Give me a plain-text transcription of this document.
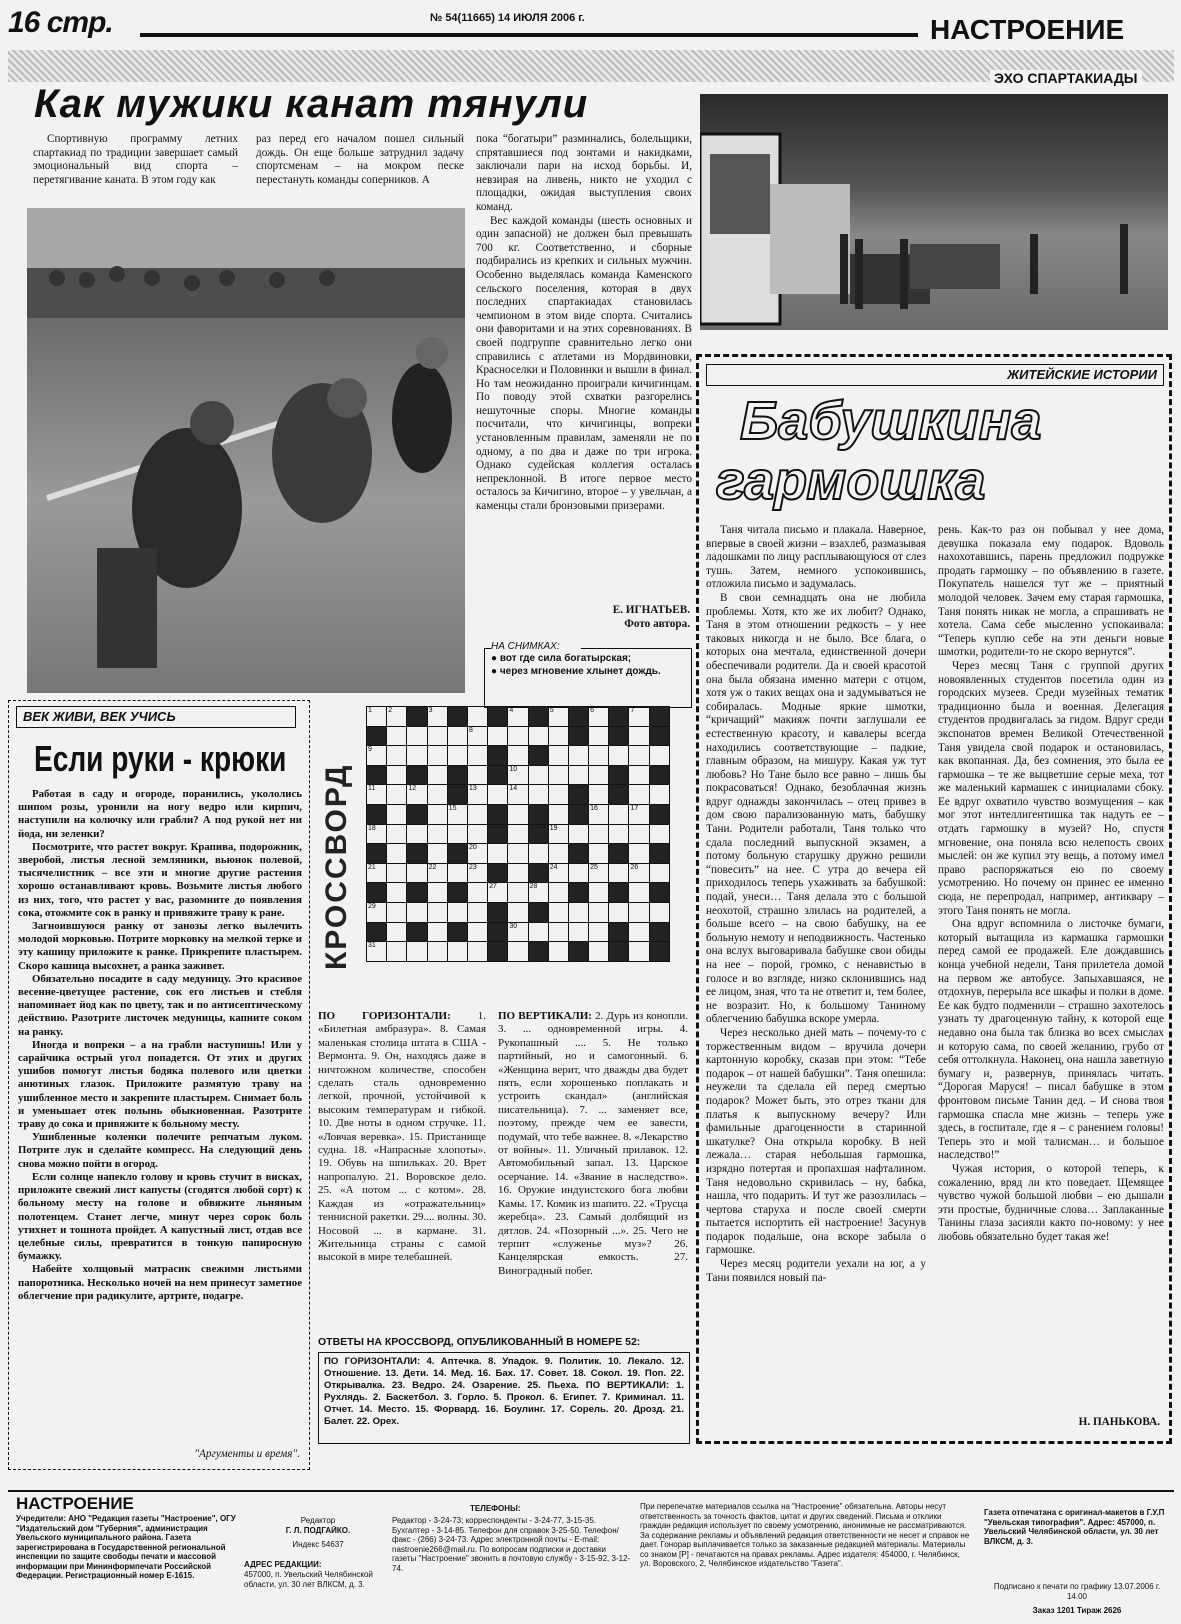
16 стр.	№ 54(11665) 14 ИЮЛЯ 2006 г.	НАСТРОЕНИЕ
ЭХО СПАРТАКИАДЫ
Как мужики канат тянули

Спортивную программу летних спартакиад по традиции завершает самый эмоциональный вид спорта – перетягивание каната. В этом году как

раз перед его началом пошел сильный дождь. Он еще больше затруднил задачу спортсменам – на мокром песке перестануть команды соперников. А

пока “богатыри” разминались, болельщики, спрятавшиеся под зонтами и накидками, заключали пари на исход борьбы. И, невзирая на ливень, никто не уходил с площадки, ожидая выступления своих команд.

Вес каждой команды (шесть основных и один запасной) не должен был превышать 700 кг. Соответственно, и сборные подбирались из крепких и сильных мужчин. Особенно выделялась команда Каменского сельского поселения, которая в двух последних спартакиадах становилась чемпионом в этом виде спорта. Считались они фаворитами и на этих соревнованиях. В своей подгруппе сравнительно легко они справились с атлетами из Мордвиновки, Красноселки и Половинки и вышли в финал. Но там неожиданно проиграли кичигинцам. По поводу этой схватки разгорелись нешуточные споры. Многие команды посчитали, что кичигинцы, вопреки установленным правилам, заменяли не по одному, а по два и даже по три игрока. Однако судейская коллегия осталась непреклонной. В итоге первое место осталось за Кичигино, второе – у увельчан, а каменцы стали бронзовыми призерами.

Е. ИГНАТЬЕВ.
Фото автора.
НА СНИМКАХ:
● вот где сила богатырская;
● через мгновение хлынет дождь.
ВЕК ЖИВИ, ВЕК УЧИСЬ
Если руки - крюки

Работая в саду и огороде, поранились, укололись шипом розы, уронили на ногу ведро или кирпич, наступили на колючку или грабли? А под рукой нет ни йода, ни зеленки?

Посмотрите, что растет вокруг. Крапива, подорожник, зверобой, листья лесной земляники, вьюнок полевой, тысячелистник – все эти и многие другие растения хорошо останавливают кровь. Возьмите листья любого из них, того, что растет у вас, разомните до появления сока, отожмите сок в ранку и привяжите траву к ране.

Загноившуюся ранку от занозы легко вылечить молодой морковью. Потрите морковку на мелкой терке и эту кашицу приложите к ранке. Прикрепите пластырем. Скоро кашица высохнет, а ранка заживет.

Обязательно посадите в саду медуницу. Это красивое весенне-цветущее растение, сок его листьев и стебля напоминает йод как по цвету, так и по антисептическому действию. Разотрите листочек медуницы, капните соком на ранку.

Иногда и вопреки – а на грабли наступишь! Или у сарайчика острый угол попадется. От этих и других ушибов помогут листья бодяка полевого или цветки анютиных глазок. Приложите размятую траву на ушибленное место и закрепите пластырем. Снимает боль и уменьшает отек полынь обыкновенная. Разотрите траву до сока и привяжите к больному месту.

Ушибленные коленки полечите репчатым луком. Потрите лук и сделайте компресс. На следующий день снова можно пойти в огород.

Если солнце напекло голову и кровь стучит в висках, приложите свежий лист капусты (сгодятся любой сорт) к больному месту на голове и обвяжите льняным полотенцем. Станет легче, минут через сорок боль утихнет и тошнота пройдет. А капустный лист, отдав все целебные силы, превратится в тонкую папиросную бумажку.

Набейте холщовый матрасик свежими листьями папоротника. Несколько ночей на нем принесут заметное облегчение при радикулите, артрите, подагре.

"Аргументы и время".
КРОССВОРД
1	2		3				4		5		6		7	
					8									
9														
							10							
11		12			13		14							
				15							16		17	
18									19					
					20									
21			22		23				24		25		26	
						27		28						
29														
							30							
31														
ПО ГОРИЗОНТАЛИ: 1. «Билетная амбразура». 8. Самая маленькая столица штата в США - Вермонта. 9. Он, находясь даже в ничтожном количестве, способен сделать сталь одновременно легкой, прочной, устойчивой к высоким температурам и гибкой. 10. Две ноты в одном стручке. 11. «Ловчая веревка». 15. Пристанище судна. 18. «Напрасные хлопоты». 19. Обувь на шпильках. 20. Врет напропалую. 21. Воровское дело. 25. «А потом ... с котом». 28. Каждая из «отражательниц» теннисной ракетки. 29.... волны. 30. Носовой ... в кармане. 31. Жительница страны с самой высокой в мире телебашней.
ПО ВЕРТИКАЛИ: 2. Дурь из конопли. 3. ... одновременной игры. 4. Рукопашный .... 5. Не только партийный, но и самогонный. 6. «Женщина верит, что дважды два будет пять, если хорошенько поплакать и устроить скандал» (английская писательница). 7. ... заменяет все, поэтому, прежде чем ее завести, подумай, что тебе важнее. 8. «Лекарство от войны». 11. Уличный прилавок. 12. Автомобильный запал. 13. Царское осерчание. 14. «Звание в наследство». 16. Оружие индуистского бога любви Камы. 17. Комик из шапито. 22. «Трусца жеребца». 23. Самый долбящий из дятлов. 24. «Позорный ...». 25. Чего не терпит «служенье муз»? 26. Канцелярская емкость. 27. Виноградный побег.
ОТВЕТЫ НА КРОССВОРД, ОПУБЛИКОВАННЫЙ В НОМЕРЕ 52:
ПО ГОРИЗОНТАЛИ: 4. Аптечка. 8. Упадок. 9. Политик. 10. Лекало. 12. Отношение. 13. Дети. 14. Мед. 16. Бах. 17. Совет. 18. Сокол. 19. Поп. 22. Открывалка. 23. Ведро. 24. Озарение. 25. Пьеха. ПО ВЕРТИКАЛИ: 1. Рухлядь. 2. Баскетбол. 3. Горло. 5. Прокол. 6. Египет. 7. Криминал. 11. Отчет. 14. Место. 15. Форвард. 16. Боулинг. 17. Сорель. 20. Дрозд. 21. Балет. 22. Орех.
ЖИТЕЙСКИЕ ИСТОРИИ
Бабушкина
гармошка

Таня читала письмо и плакала. Наверное, впервые в своей жизни – взахлеб, размазывая ладошками по лицу расплывающуюся от слез тушь. Затем, немного успокоившись, отложила письмо и задумалась.

В свои семнадцать она не любила проблемы. Хотя, кто же их любит? Однако, Таня в этом отношении редкость – у нее таковых никогда и не было. Все блага, о которых она мечтала, единственной дочери обеспечивали родители. Да и своей красотой она была обязана именно матери с отцом, хотя уж о таких вещах она и задумываться не собиралась. Модные яркие шмотки, “кричащий” макияж почти заглушали ее естественную красоту, и кавалеры всегда находились соответствующие – падкие, главным образом, на мишуру. Какая уж тут любовь? Но Тане было все равно – лишь бы покрасоваться! Однако, безоблачная жизнь вдруг однажды закончилась – отец привез в дом свою парализованную мать, бабушку Тани. Родители работали, Таня только что сдала последний выпускной экзамен, а потому больную старушку дружно решили “повесить” на нее. С утра до вечера ей приходилось теперь ухаживать за бабушкой: подай, унеси… Таня делала это с большой неохотой, страшно злилась на родителей, а больше всего – на свою бабушку, на ее больную немоту и неподвижность. Частенько она вслух выговаривала бабушке свои обиды на нее – порой, громко, с ненавистью в голосе и во взгляде, низко склонившись над ее лицом, зная, что та не ответит и, тем более, не возразит. Но, к большому Таниному облегчению бабушка вскоре умерла.

Через несколько дней мать – почему-то с торжественным видом – вручила дочери картонную коробку, сказав при этом: “Тебе подарок – от нашей бабушки”. Таня опешила: неужели та сделала ей перед смертью подарок? Может быть, это отрез ткани для платья к выпускному вечеру? Или фамильные драгоценности в старинной шкатулке? Она открыла коробку. В ней лежала… старая небольшая гармошка, изрядно потертая и пропахшая нафталином. Таня недовольно скривилась – ну, бабка, нашла, что подарить. И тут же разозлилась – чертова старуха и после своей смерти пытается испортить ей настроение! Засунув подарок подальше, она вскоре забыла о гармошке.

Через месяц родители уехали на юг, а у Тани появился новый па-

рень. Как-то раз он побывал у нее дома, девушка показала ему подарок. Вдоволь нахохотавшись, парень предложил подружке продать гармошку – по объявлению в газете. Покупатель нашелся тут же – приятный молодой человек. Зачем ему старая гармошка, Таня понять никак не могла, а спрашивать не хотела. Сама себе мысленно успокаивала: “Теперь куплю себе на эти деньги новые шмотки, родители-то не скоро вернутся”.

Через месяц Таня с группой других новоявленных студентов посетила один из городских музеев. Среди музейных тематик традиционно была и военная. Делегация студентов продвигалась за гидом. Вдруг среди экспонатов времен Великой Отечественной Таня увидела свой подарок и остановилась, как вкопанная. Да, без сомнения, это была ее гармошка – те же выцветшие серые меха, тот же маленький кармашек с инициалами сбоку. Ее вдруг охватило чувство возмущения – как мог этот интеллигентишка так надуть ее – отдать гармошку в музей? Но, спустя мгновение, она поняла всю нелепость своих мыслей: он же купил эту вещь, а потому имел право распоряжаться ею по своему усмотрению. Но почему он принес ее именно сюда, не перепродал, например, антиквару – этого Таня понять не могла.

Она вдруг вспомнила о листочке бумаги, который вытащила из кармашка гармошки перед самой ее продажей. Еле дождавшись конца учебной недели, Таня прилетела домой на первом же автобусе. Запыхавшаяся, не отдохнув, перерыла все шкафы и полки в доме. Ее как будто подменили – страшно захотелось узнать ту драгоценную тайну, к которой еще недавно она была так близка во всех смыслах и которую сама, по своей желанию, грубо от себя оттолкнула. Наконец, она нашла заветную бумагу и, развернув, принялась читать. “Дорогая Маруся! – писал бабушке в этом фронтовом письме Танин дед. – И снова твоя гармошка спасла мне жизнь – теперь уже здесь, в госпитале, где я – с ранением головы! Теперь это и мой талисман… и большое наследство!”

Чужая история, о которой теперь, к сожалению, вряд ли кто поведает. Щемящее чувство чужой большой любви – ею дышали эти простые, будничные слова… Заплаканные Танины глаза засияли както по-новому: у нее любовь обязательно будет такая же!

Н. ПАНЬКОВА.
НАСТРОЕНИЕ
Учредители: АНО "Редакция газеты "Настроение", ОГУ "Издательский дом "Губерния", администрация Увельского муниципального района. Газета зарегистрирована в Государственной региональной инспекции по защите свободы печати и массовой информации при Мининформпечати Российской Федерации. Регистрационный номер Е-1615.
Редактор
Г. Л. ПОДГАЙКО.
Индекс 54637
АДРЕС РЕДАКЦИИ:
457000, п. Увельский Челябинской области, ул. 30 лет ВЛКСМ, д. 3.
ТЕЛЕФОНЫ:
Редактор - 3-24-73; корреспонденты - 3-24-77, 3-15-35. Бухгалтер - 3-14-85. Телефон для справок 3-25-50. Телефон/факс - (266) 3-24-73. Адрес электронной почты - E-mail: nastroenie266@mail.ru. По вопросам подписки и доставки газеты "Настроение" звонить в почтовую службу - 3-15-92, 3-12-74.
При перепечатке материалов ссылка на "Настроение" обязательна. Авторы несут ответственность за точность фактов, цитат и других сведений. Письма и отклики граждан редакция использует по своему усмотрению, анонимные не рассматриваются. За содержание рекламы и объявлений редакция ответственности не несет и справок не дает. Гонорар выплачивается только за заказанные редакцией материалы. Материалы со знаком [Р] - печатаются на правах рекламы. Адрес издателя: 454000, г. Челябинск, ул. Воровского, 2, Челябинское издательство "Газета".
Газета отпечатана с оригинал-макетов в Г.У.П "Увельская типография". Адрес: 457000, п. Увельский Челябинской области, ул. 30 лет ВЛКСМ, д. 3.
Подписано к печати по графику 13.07.2006 г. 14.00
Заказ 1201 Тираж 2626
